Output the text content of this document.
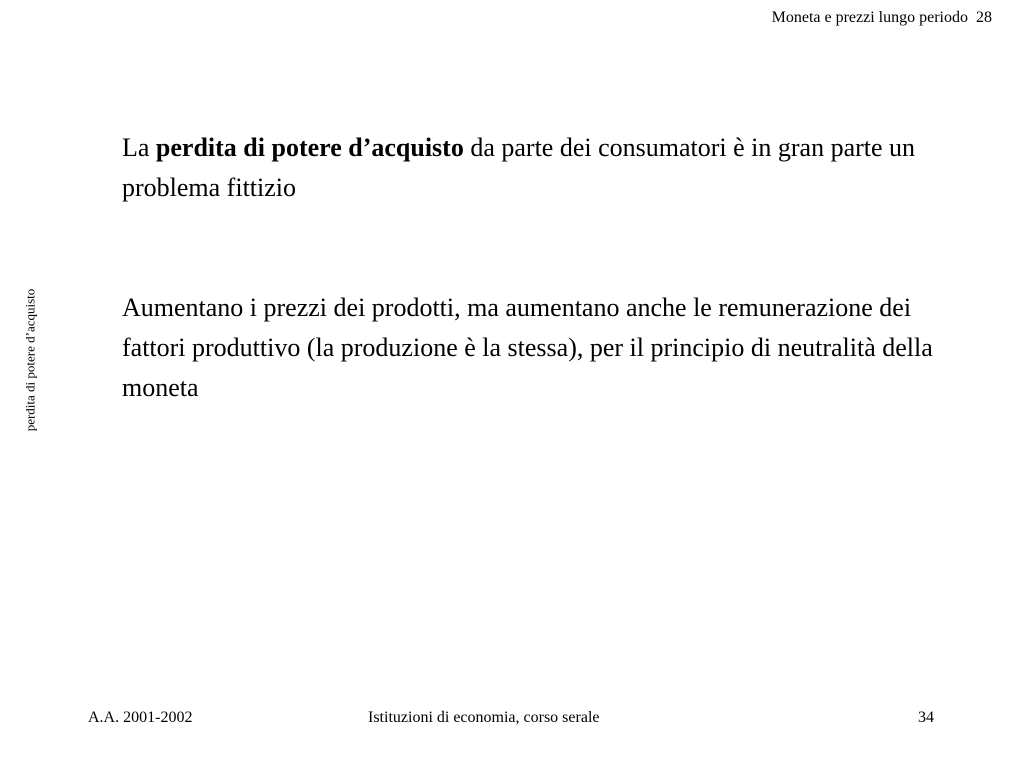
Moneta e prezzi lungo periodo 28
perdita di potere d’acquisto

La perdita di potere d’acquisto da parte dei consumatori è in gran parte un problema fittizio

Aumentano i prezzi dei prodotti, ma aumentano anche le remunerazione dei fattori produttivo (la produzione è la stessa), per il principio di neutralità della moneta

A.A. 2001-2002	Istituzioni di economia, corso serale	34
